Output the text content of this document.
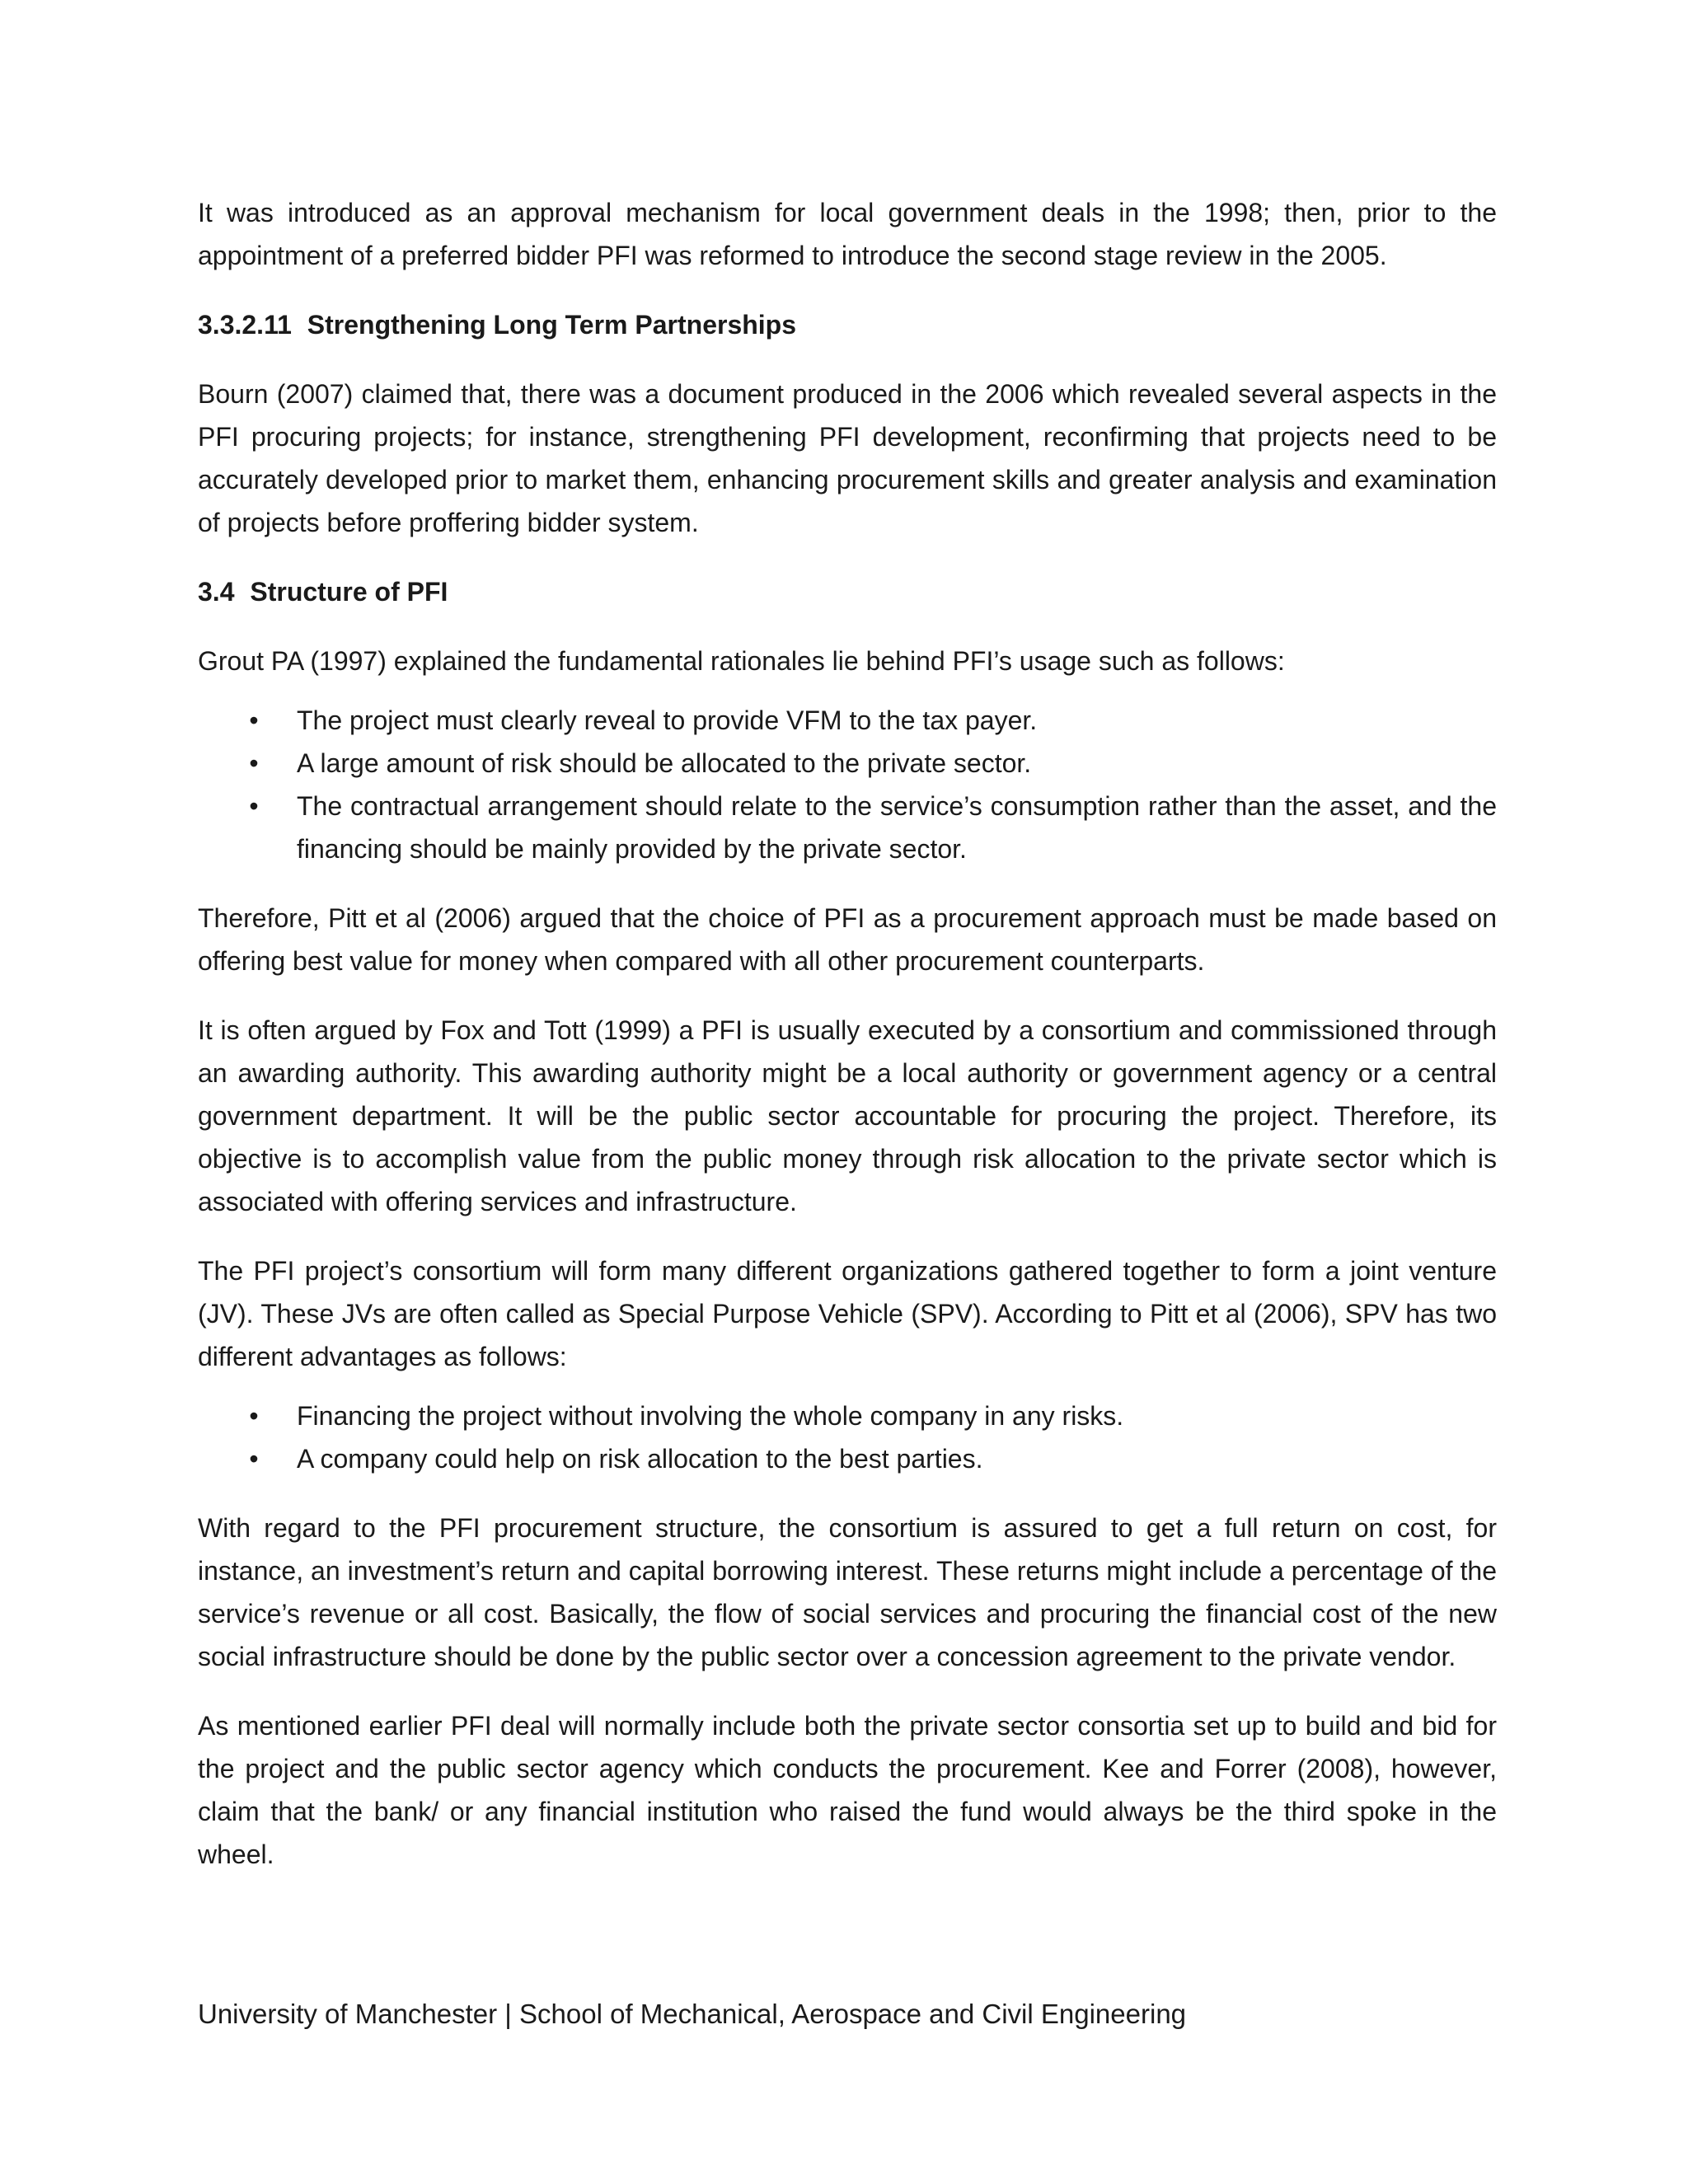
It was introduced as an approval mechanism for local government deals in the 1998; then, prior to the appointment of a preferred bidder PFI was reformed to introduce the second stage review in the 2005.

3.3.2.11 Strengthening Long Term Partnerships

Bourn (2007) claimed that, there was a document produced in the 2006 which revealed several aspects in the PFI procuring projects; for instance, strengthening PFI development, reconfirming that projects need to be accurately developed prior to market them, enhancing procurement skills and greater analysis and examination of projects before proffering bidder system.

3.4 Structure of PFI

Grout PA (1997) explained the fundamental rationales lie behind PFI’s usage such as follows:

• The project must clearly reveal to provide VFM to the tax payer.
• A large amount of risk should be allocated to the private sector.
• The contractual arrangement should relate to the service’s consumption rather than the asset, and the financing should be mainly provided by the private sector.

Therefore, Pitt et al (2006) argued that the choice of PFI as a procurement approach must be made based on offering best value for money when compared with all other procurement counterparts.

It is often argued by Fox and Tott (1999) a PFI is usually executed by a consortium and commissioned through an awarding authority. This awarding authority might be a local authority or government agency or a central government department. It will be the public sector accountable for procuring the project. Therefore, its objective is to accomplish value from the public money through risk allocation to the private sector which is associated with offering services and infrastructure.

The PFI project’s consortium will form many different organizations gathered together to form a joint venture (JV). These JVs are often called as Special Purpose Vehicle (SPV). According to Pitt et al (2006), SPV has two different advantages as follows:

• Financing the project without involving the whole company in any risks.
• A company could help on risk allocation to the best parties.

With regard to the PFI procurement structure, the consortium is assured to get a full return on cost, for instance, an investment’s return and capital borrowing interest. These returns might include a percentage of the service’s revenue or all cost. Basically, the flow of social services and procuring the financial cost of the new social infrastructure should be done by the public sector over a concession agreement to the private vendor.

As mentioned earlier PFI deal will normally include both the private sector consortia set up to build and bid for the project and the public sector agency which conducts the procurement. Kee and Forrer (2008), however, claim that the bank/ or any financial institution who raised the fund would always be the third spoke in the wheel.

University of Manchester | School of Mechanical, Aerospace and Civil Engineering
